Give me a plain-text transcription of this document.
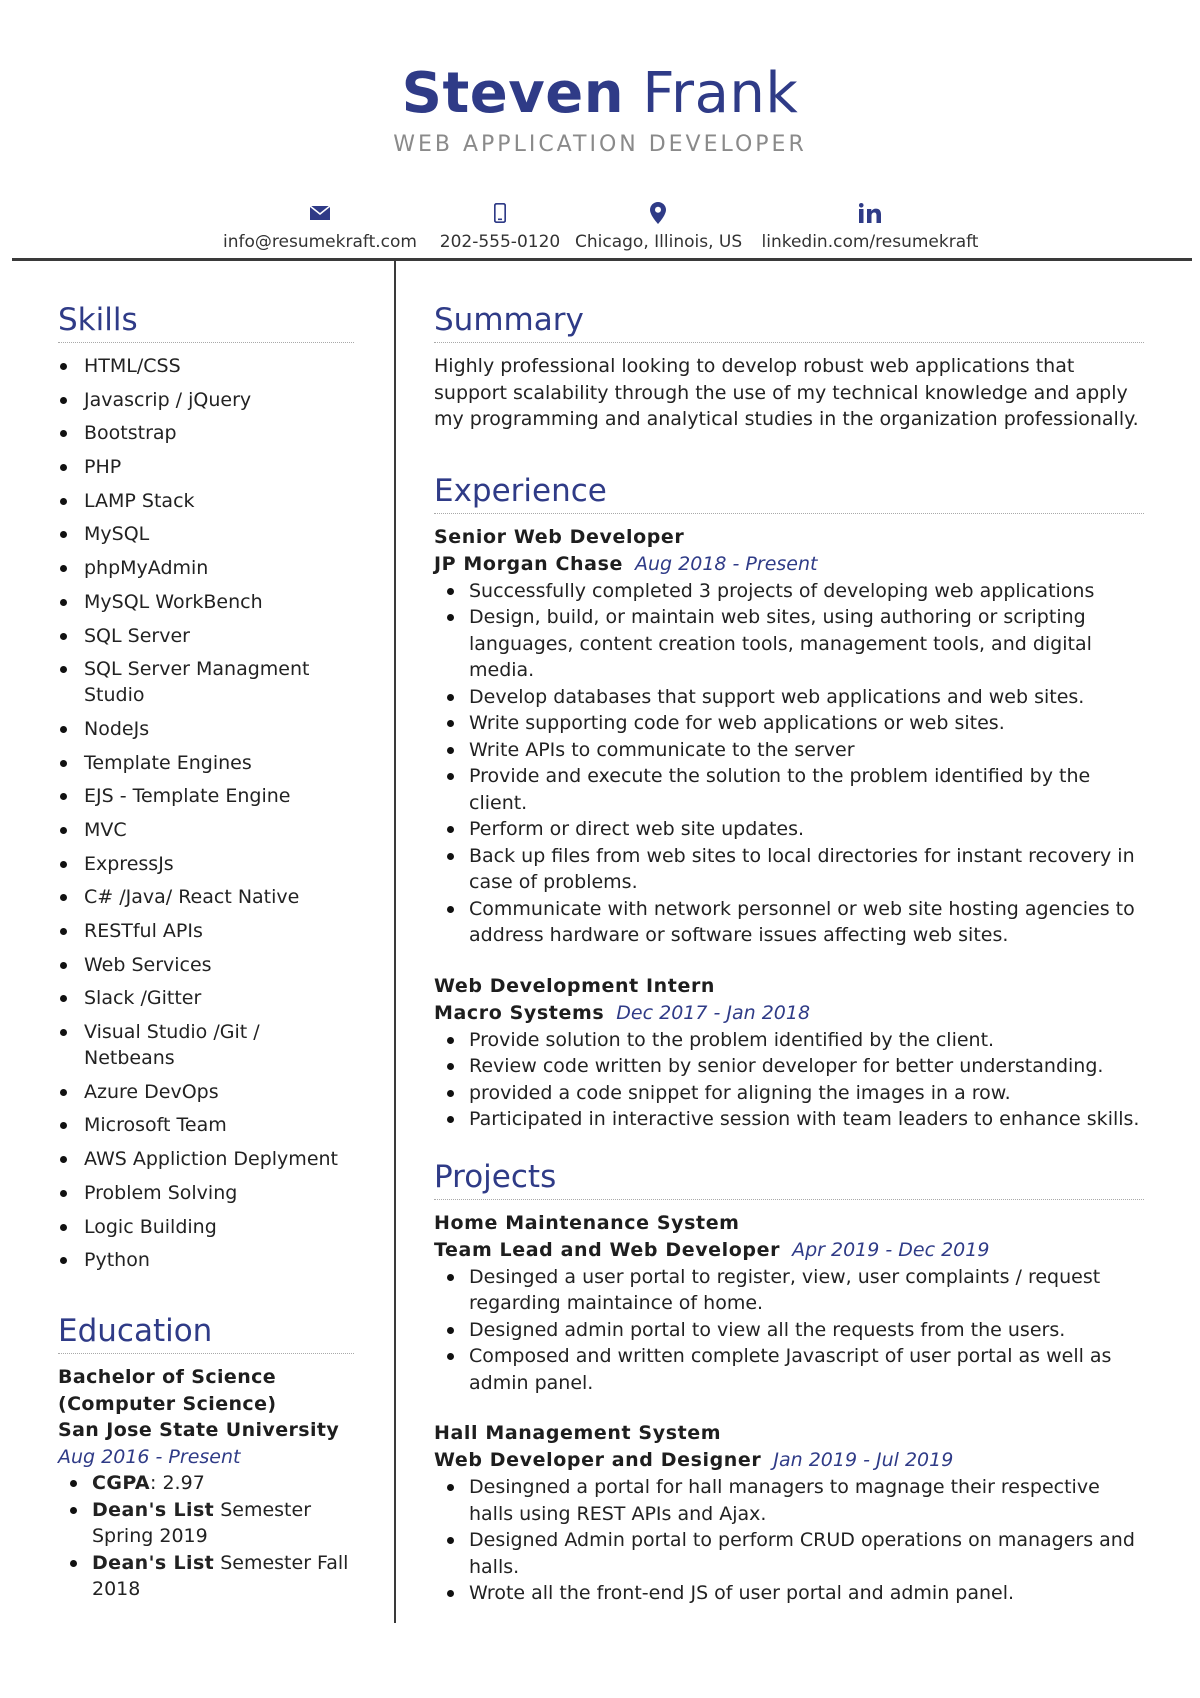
Steven Frank
WEB APPLICATION DEVELOPER
info@resumekraft.com 202-555-0120 Chicago, Illinois, US	linkedin.com/resumekraft
Skills
HTML/CSS
Javascrip / jQuery
Bootstrap
PHP
LAMP Stack
MySQL
phpMyAdmin
MySQL WorkBench
SQL Server
SQL Server Managment Studio
NodeJs
Template Engines
EJS - Template Engine
MVC
ExpressJs
C# /Java/ React Native
RESTful APIs
Web Services
Slack /Gitter
Visual Studio /Git / Netbeans
Azure DevOps
Microsoft Team
AWS Appliction Deplyment
Problem Solving
Logic Building
Python
Education
Bachelor of Science
(Computer Science)
San Jose State University
Aug 2016 - Present
CGPA: 2.97
Dean's List Semester Spring 2019
Dean's List Semester Fall 2018
Summary
Highly professional looking to develop robust web applications that support scalability through the use of my technical knowledge and apply my programming and analytical studies in the organization professionally.
Experience
Senior Web Developer
JP Morgan Chase Aug 2018 - Present
Successfully completed 3 projects of developing web applications
Design, build, or maintain web sites, using authoring or scripting languages, content creation tools, management tools, and digital media.
Develop databases that support web applications and web sites.
Write supporting code for web applications or web sites.
Write APIs to communicate to the server
Provide and execute the solution to the problem identified by the client.
Perform or direct web site updates.
Back up files from web sites to local directories for instant recovery in case of problems.
Communicate with network personnel or web site hosting agencies to address hardware or software issues affecting web sites.
Web Development Intern
Macro Systems Dec 2017 - Jan 2018
Provide solution to the problem identified by the client.
Review code written by senior developer for better understanding.
provided a code snippet for aligning the images in a row.
Participated in interactive session with team leaders to enhance skills.
Projects
Home Maintenance System
Team Lead and Web Developer Apr 2019 - Dec 2019
Desinged a user portal to register, view, user complaints / request regarding maintaince of home.
Designed admin portal to view all the requests from the users.
Composed and written complete Javascript of user portal as well as admin panel.
Hall Management System
Web Developer and Designer Jan 2019 - Jul 2019
Desingned a portal for hall managers to magnage their respective halls using REST APIs and Ajax.
Designed Admin portal to perform CRUD operations on managers and halls.
Wrote all the front-end JS of user portal and admin panel.
